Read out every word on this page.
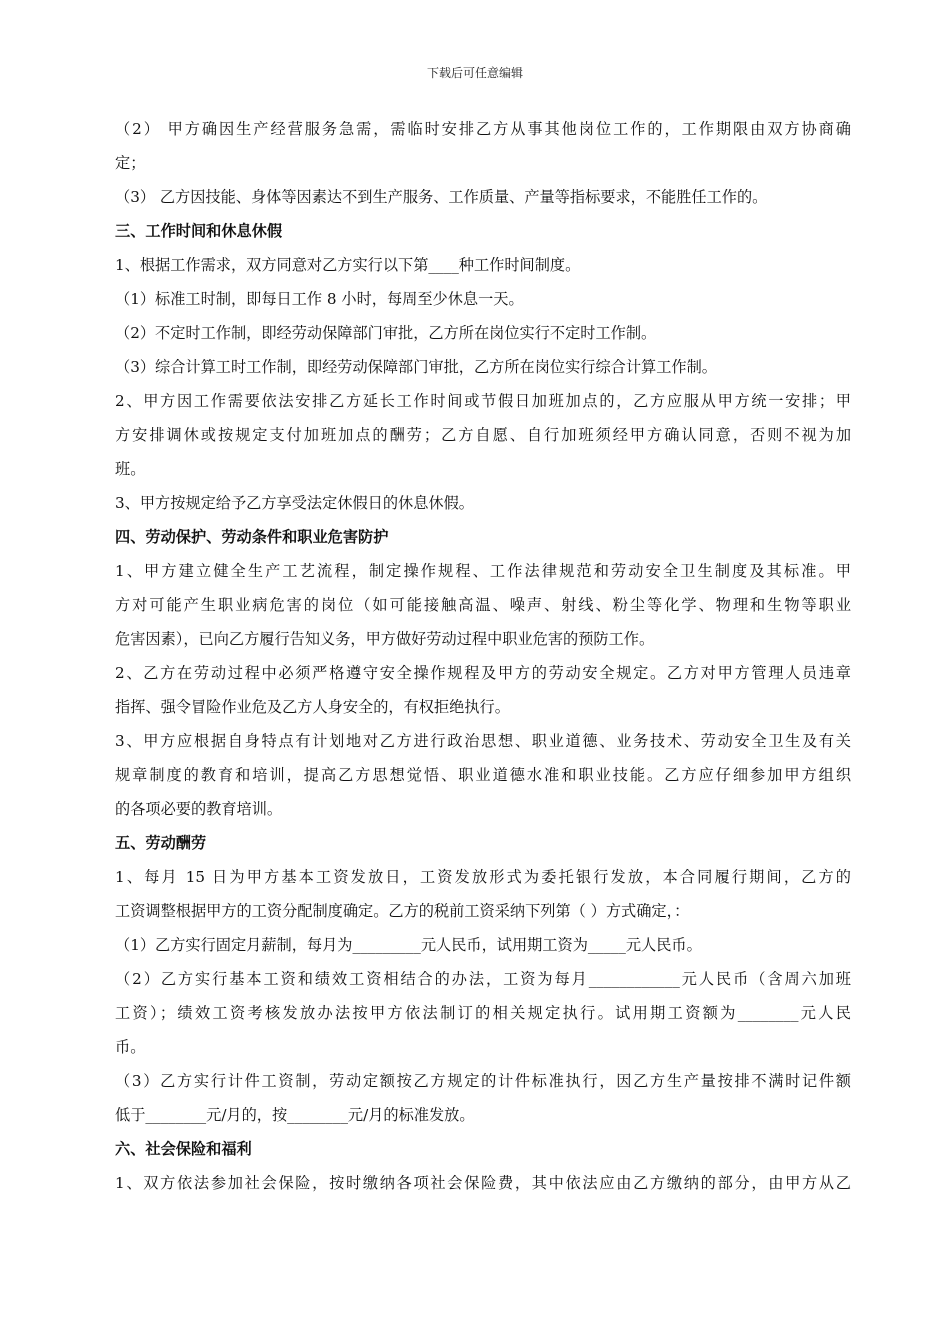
下载后可任意编辑
（2） 甲方确因生产经营服务急需，需临时安排乙方从事其他岗位工作的，工作期限由双方协商确
定；
（3） 乙方因技能、身体等因素达不到生产服务、工作质量、产量等指标要求，不能胜任工作的。
三、工作时间和休息休假
1、根据工作需求，双方同意对乙方实行以下第____种工作时间制度。
（1）标准工时制，即每日工作 8 小时，每周至少休息一天。
（2）不定时工作制，即经劳动保障部门审批，乙方所在岗位实行不定时工作制。
（3）综合计算工时工作制，即经劳动保障部门审批，乙方所在岗位实行综合计算工作制。
2、甲方因工作需要依法安排乙方延长工作时间或节假日加班加点的，乙方应服从甲方统一安排；甲
方安排调休或按规定支付加班加点的酬劳；乙方自愿、自行加班须经甲方确认同意，否则不视为加
班。
3、甲方按规定给予乙方享受法定休假日的休息休假。
四、劳动保护、劳动条件和职业危害防护
1、甲方建立健全生产工艺流程，制定操作规程、工作法律规范和劳动安全卫生制度及其标准。甲
方对可能产生职业病危害的岗位（如可能接触高温、噪声、射线、粉尘等化学、物理和生物等职业
危害因素），已向乙方履行告知义务，甲方做好劳动过程中职业危害的预防工作。
2、乙方在劳动过程中必须严格遵守安全操作规程及甲方的劳动安全规定。乙方对甲方管理人员违章
指挥、强令冒险作业危及乙方人身安全的，有权拒绝执行。
3、甲方应根据自身特点有计划地对乙方进行政治思想、职业道德、业务技术、劳动安全卫生及有关
规章制度的教育和培训，提高乙方思想觉悟、职业道德水准和职业技能。乙方应仔细参加甲方组织
的各项必要的教育培训。
五、劳动酬劳
1、每月 15 日为甲方基本工资发放日，工资发放形式为委托银行发放，本合同履行期间，乙方的
工资调整根据甲方的工资分配制度确定。乙方的税前工资采纳下列第（ ）方式确定，：
（1）乙方实行固定月薪制，每月为_________元人民币，试用期工资为_____元人民币。
（2）乙方实行基本工资和绩效工资相结合的办法，工资为每月____________元人民币（含周六加班
工资）；绩效工资考核发放办法按甲方依法制订的相关规定执行。试用期工资额为________元人民
币。
（3）乙方实行计件工资制，劳动定额按乙方规定的计件标准执行，因乙方生产量按排不满时记件额
低于________元/月的，按________元/月的标准发放。
六、社会保险和福利
1、双方依法参加社会保险，按时缴纳各项社会保险费，其中依法应由乙方缴纳的部分，由甲方从乙
